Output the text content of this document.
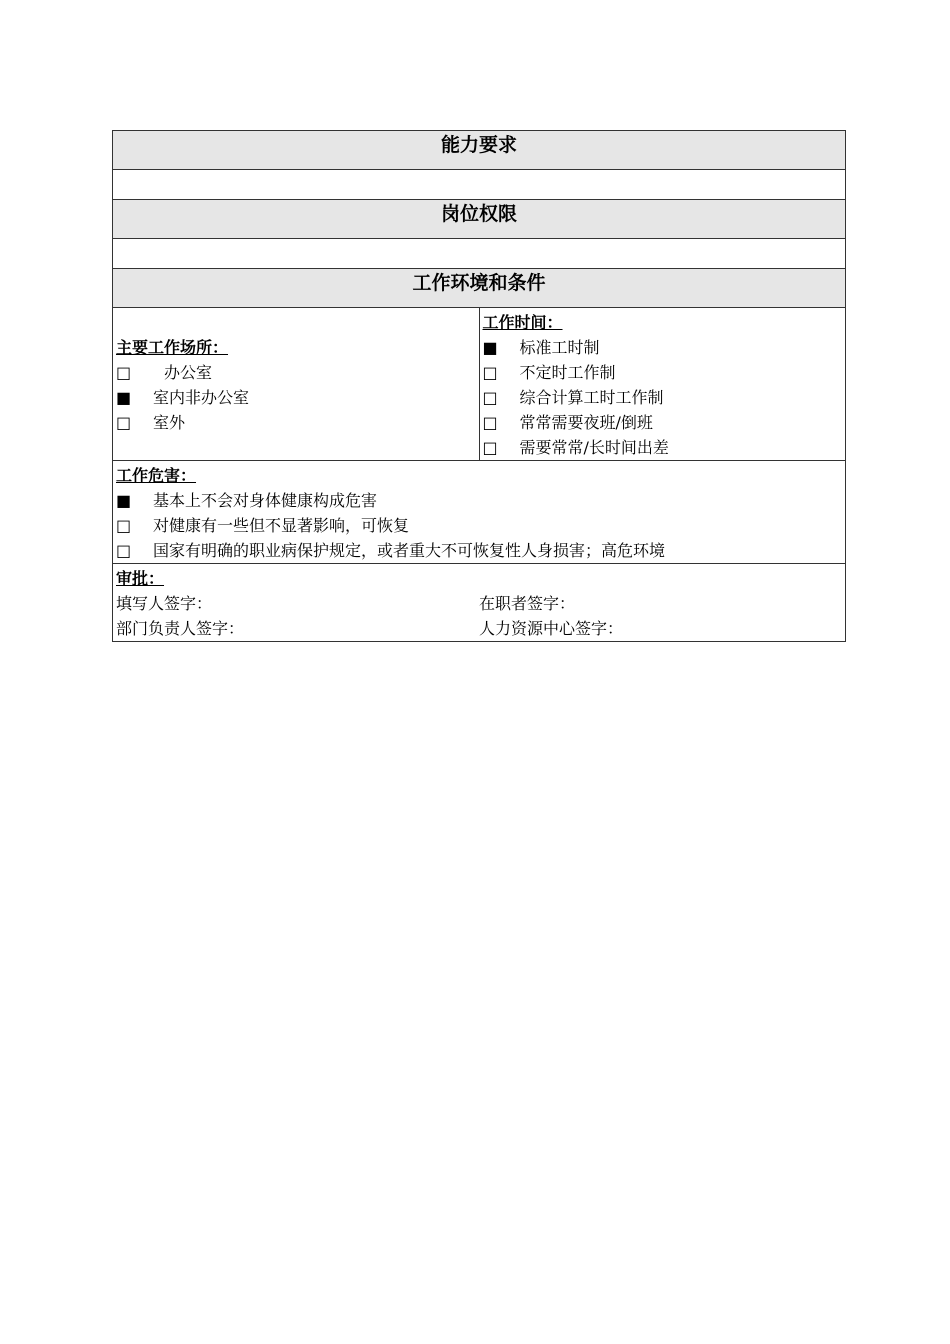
能力要求

岗位权限

工作环境和条件

主要工作场所：
□ 办公室
■ 室内非办公室
□ 室外

工作时间：
■ 标准工时制
□ 不定时工作制
□ 综合计算工时工作制
□ 常常需要夜班/倒班
□ 需要常常/长时间出差

工作危害：
■ 基本上不会对身体健康构成危害
□ 对健康有一些但不显著影响，可恢复
□ 国家有明确的职业病保护规定，或者重大不可恢复性人身损害；高危环境

审批：
填写人签字：	在职者签字：
部门负责人签字：	人力资源中心签字：
